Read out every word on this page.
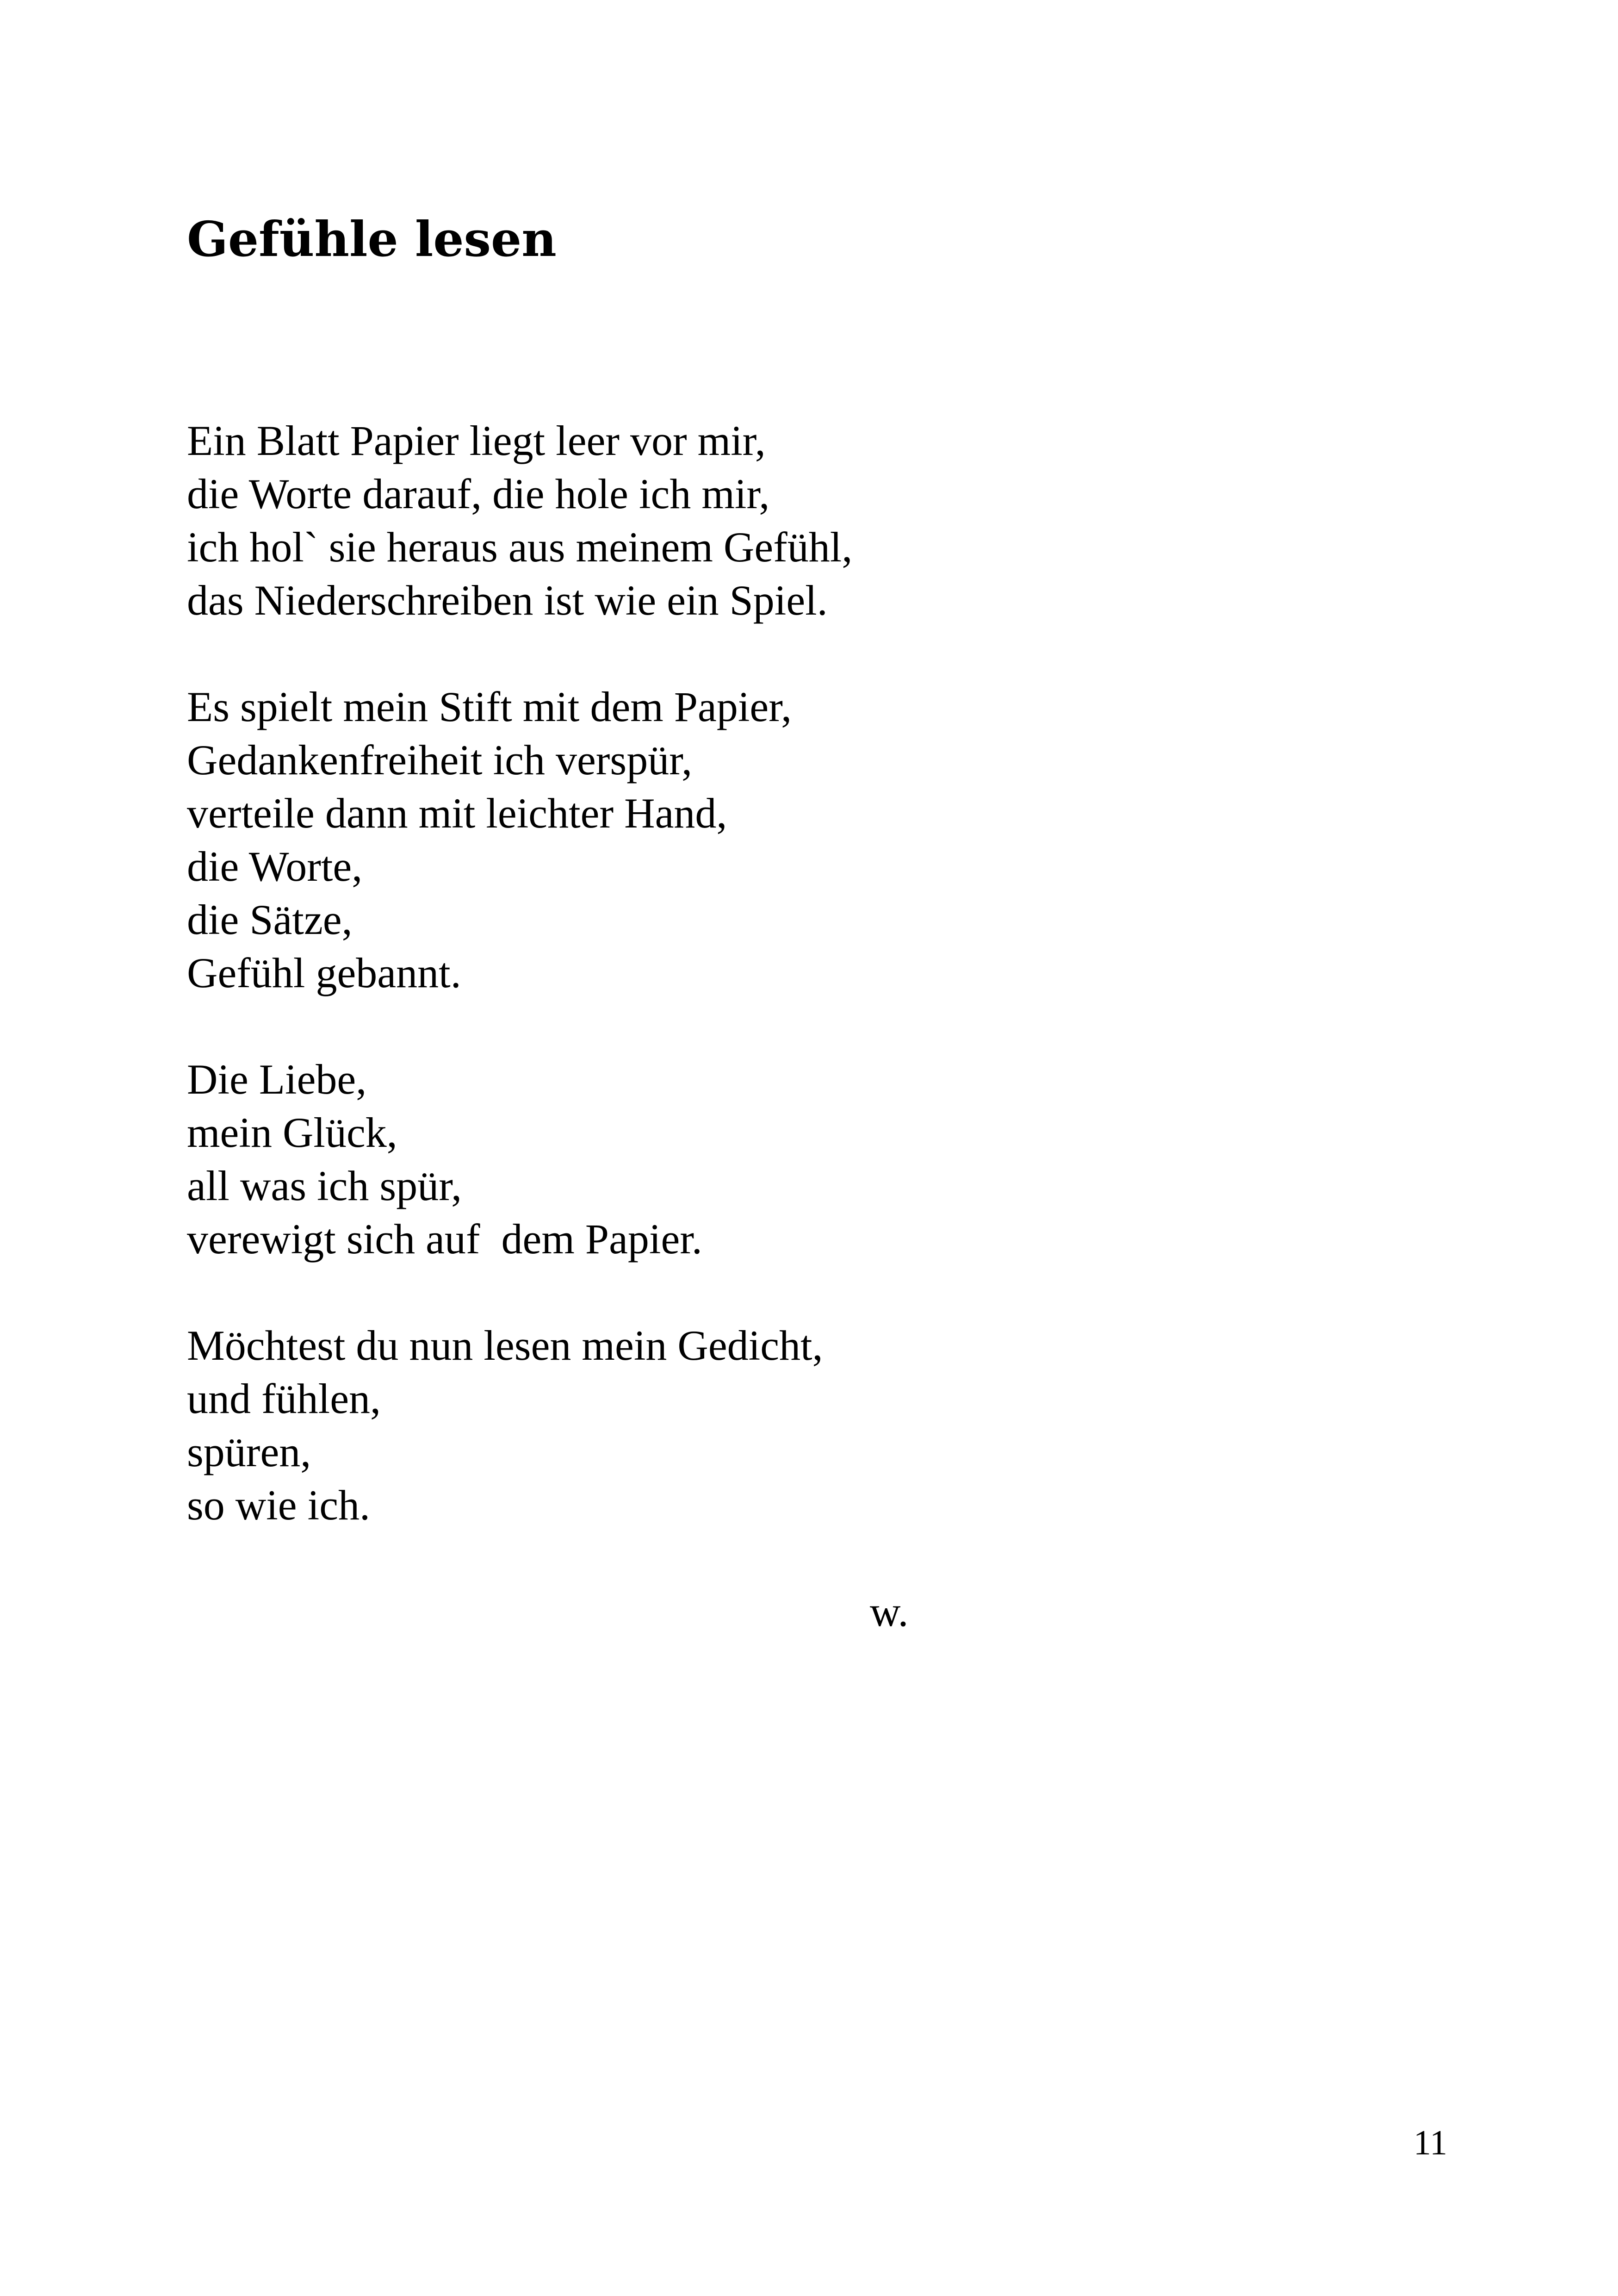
Gefühle lesen
Ein Blatt Papier liegt leer vor mir,
die Worte darauf, die hole ich mir,
ich hol` sie heraus aus meinem Gefühl,
das Niederschreiben ist wie ein Spiel.
Es spielt mein Stift mit dem Papier,
Gedankenfreiheit ich verspür,
verteile dann mit leichter Hand,
die Worte,
die Sätze,
Gefühl gebannt.
Die Liebe,
mein Glück,
all was ich spür,
verewigt sich auf  dem Papier.
Möchtest du nun lesen mein Gedicht,
und fühlen,
spüren,
so wie ich.
w.
11
